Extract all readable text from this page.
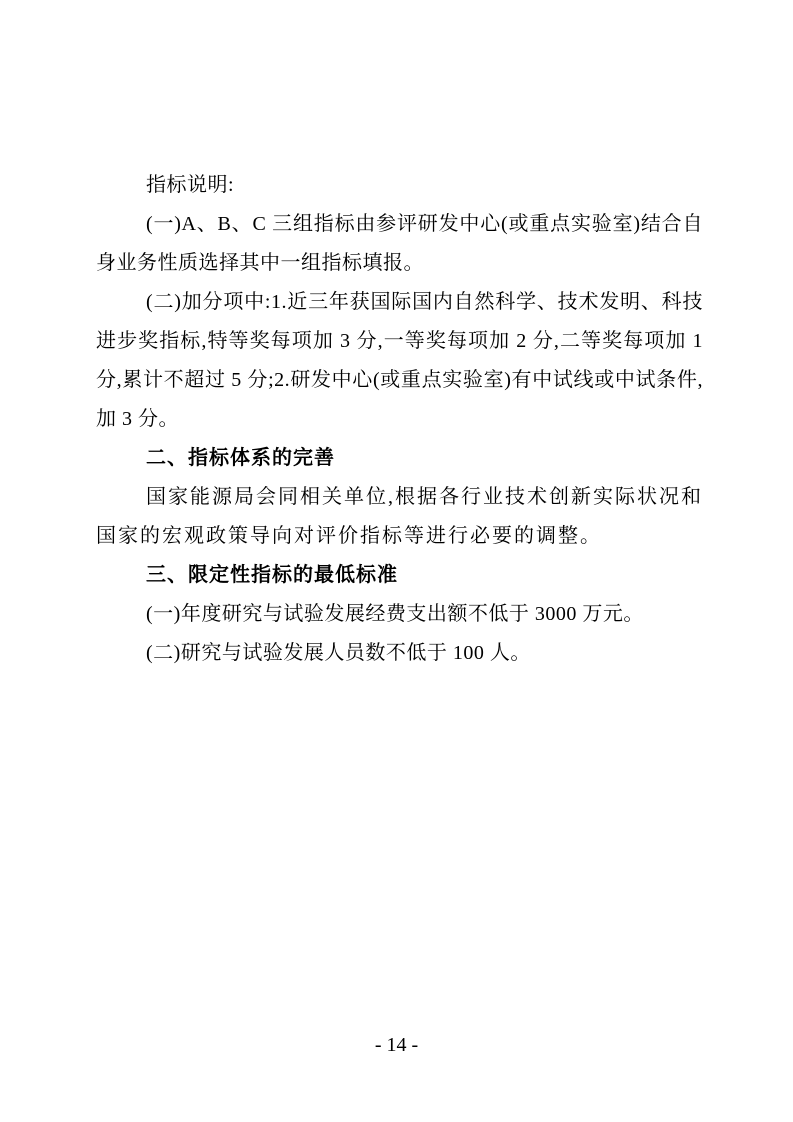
指标说明:

(一)A、B、C 三组指标由参评研发中心(或重点实验室)结合自身业务性质选择其中一组指标填报。

(二)加分项中:1.近三年获国际国内自然科学、技术发明、科技进步奖指标,特等奖每项加 3 分,一等奖每项加 2 分,二等奖每项加 1 分,累计不超过 5 分;2.研发中心(或重点实验室)有中试线或中试条件,加 3 分。

二、指标体系的完善

国家能源局会同相关单位,根据各行业技术创新实际状况和国家的宏观政策导向对评价指标等进行必要的调整。

三、限定性指标的最低标准

(一)年度研究与试验发展经费支出额不低于 3000 万元。

(二)研究与试验发展人员数不低于 100 人。

- 14 -
